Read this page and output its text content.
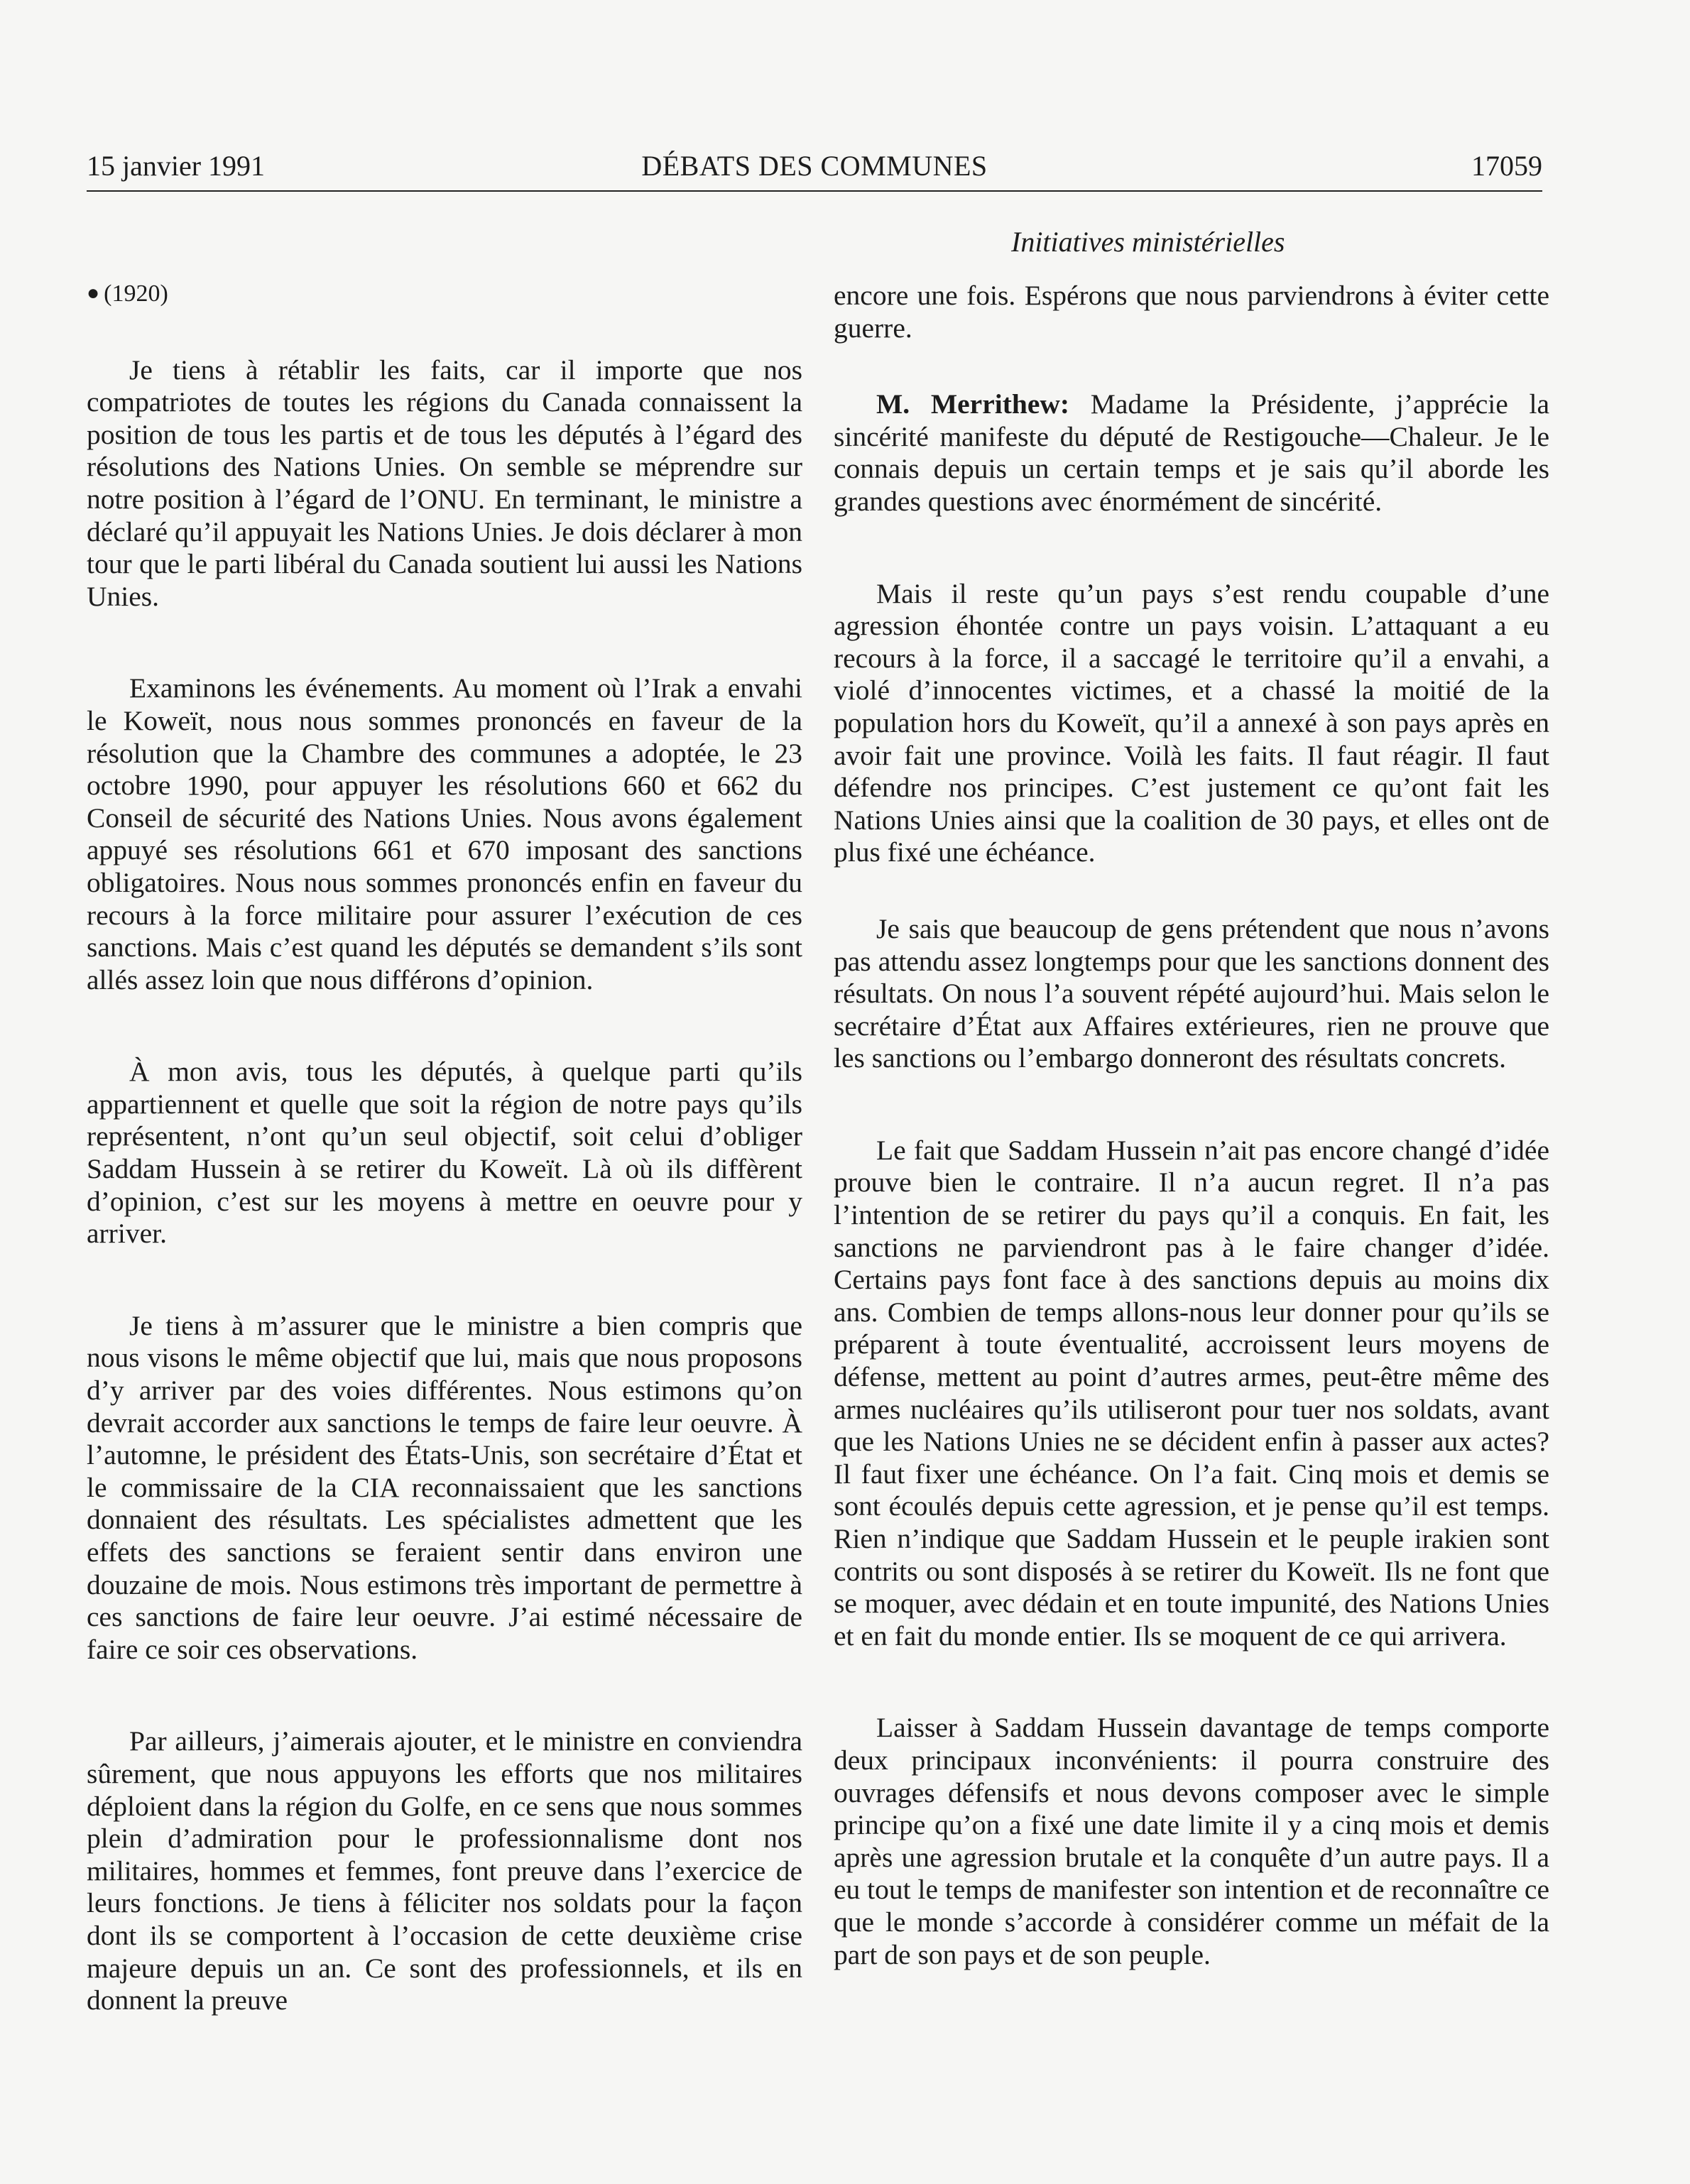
15 janvier 1991	DÉBATS DES COMMUNES	17059
Initiatives ministérielles

● (1920)

Je tiens à rétablir les faits, car il importe que nos compatriotes de toutes les régions du Canada connaissent la position de tous les partis et de tous les députés à l’égard des résolutions des Nations Unies. On semble se méprendre sur notre position à l’égard de l’ONU. En terminant, le ministre a déclaré qu’il appuyait les Nations Unies. Je dois déclarer à mon tour que le parti libéral du Canada soutient lui aussi les Nations Unies.

Examinons les événements. Au moment où l’Irak a envahi le Koweït, nous nous sommes prononcés en faveur de la résolution que la Chambre des communes a adoptée, le 23 octobre 1990, pour appuyer les résolutions 660 et 662 du Conseil de sécurité des Nations Unies. Nous avons également appuyé ses résolutions 661 et 670 imposant des sanctions obligatoires. Nous nous sommes prononcés enfin en faveur du recours à la force militaire pour assurer l’exécution de ces sanctions. Mais c’est quand les députés se demandent s’ils sont allés assez loin que nous différons d’opinion.

À mon avis, tous les députés, à quelque parti qu’ils appartiennent et quelle que soit la région de notre pays qu’ils représentent, n’ont qu’un seul objectif, soit celui d’obliger Saddam Hussein à se retirer du Koweït. Là où ils diffèrent d’opinion, c’est sur les moyens à mettre en oeuvre pour y arriver.

Je tiens à m’assurer que le ministre a bien compris que nous visons le même objectif que lui, mais que nous proposons d’y arriver par des voies différentes. Nous estimons qu’on devrait accorder aux sanctions le temps de faire leur oeuvre. À l’automne, le président des États-Unis, son secrétaire d’État et le commissaire de la CIA reconnaissaient que les sanctions donnaient des résultats. Les spécialistes admettent que les effets des sanctions se feraient sentir dans environ une douzaine de mois. Nous estimons très important de permettre à ces sanctions de faire leur oeuvre. J’ai estimé nécessaire de faire ce soir ces observations.

Par ailleurs, j’aimerais ajouter, et le ministre en conviendra sûrement, que nous appuyons les efforts que nos militaires déploient dans la région du Golfe, en ce sens que nous sommes plein d’admiration pour le professionnalisme dont nos militaires, hommes et femmes, font preuve dans l’exercice de leurs fonctions. Je tiens à féliciter nos soldats pour la façon dont ils se comportent à l’occasion de cette deuxième crise majeure depuis un an. Ce sont des professionnels, et ils en donnent la preuve

encore une fois. Espérons que nous parviendrons à éviter cette guerre.

M. Merrithew: Madame la Présidente, j’apprécie la sincérité manifeste du député de Restigouche—Chaleur. Je le connais depuis un certain temps et je sais qu’il aborde les grandes questions avec énormément de sincérité.

Mais il reste qu’un pays s’est rendu coupable d’une agression éhontée contre un pays voisin. L’attaquant a eu recours à la force, il a saccagé le territoire qu’il a envahi, a violé d’innocentes victimes, et a chassé la moitié de la population hors du Koweït, qu’il a annexé à son pays après en avoir fait une province. Voilà les faits. Il faut réagir. Il faut défendre nos principes. C’est justement ce qu’ont fait les Nations Unies ainsi que la coalition de 30 pays, et elles ont de plus fixé une échéance.

Je sais que beaucoup de gens prétendent que nous n’avons pas attendu assez longtemps pour que les sanctions donnent des résultats. On nous l’a souvent répété aujourd’hui. Mais selon le secrétaire d’État aux Affaires extérieures, rien ne prouve que les sanctions ou l’embargo donneront des résultats concrets.

Le fait que Saddam Hussein n’ait pas encore changé d’idée prouve bien le contraire. Il n’a aucun regret. Il n’a pas l’intention de se retirer du pays qu’il a conquis. En fait, les sanctions ne parviendront pas à le faire changer d’idée. Certains pays font face à des sanctions depuis au moins dix ans. Combien de temps allons-nous leur donner pour qu’ils se préparent à toute éventualité, accroissent leurs moyens de défense, mettent au point d’autres armes, peut-être même des armes nucléaires qu’ils utiliseront pour tuer nos soldats, avant que les Nations Unies ne se décident enfin à passer aux actes? Il faut fixer une échéance. On l’a fait. Cinq mois et demis se sont écoulés depuis cette agression, et je pense qu’il est temps. Rien n’indique que Saddam Hussein et le peuple irakien sont contrits ou sont disposés à se retirer du Koweït. Ils ne font que se moquer, avec dédain et en toute impunité, des Nations Unies et en fait du monde entier. Ils se moquent de ce qui arrivera.

Laisser à Saddam Hussein davantage de temps comporte deux principaux inconvénients: il pourra construire des ouvrages défensifs et nous devons composer avec le simple principe qu’on a fixé une date limite il y a cinq mois et demis après une agression brutale et la conquête d’un autre pays. Il a eu tout le temps de manifester son intention et de reconnaître ce que le monde s’accorde à considérer comme un méfait de la part de son pays et de son peuple.
